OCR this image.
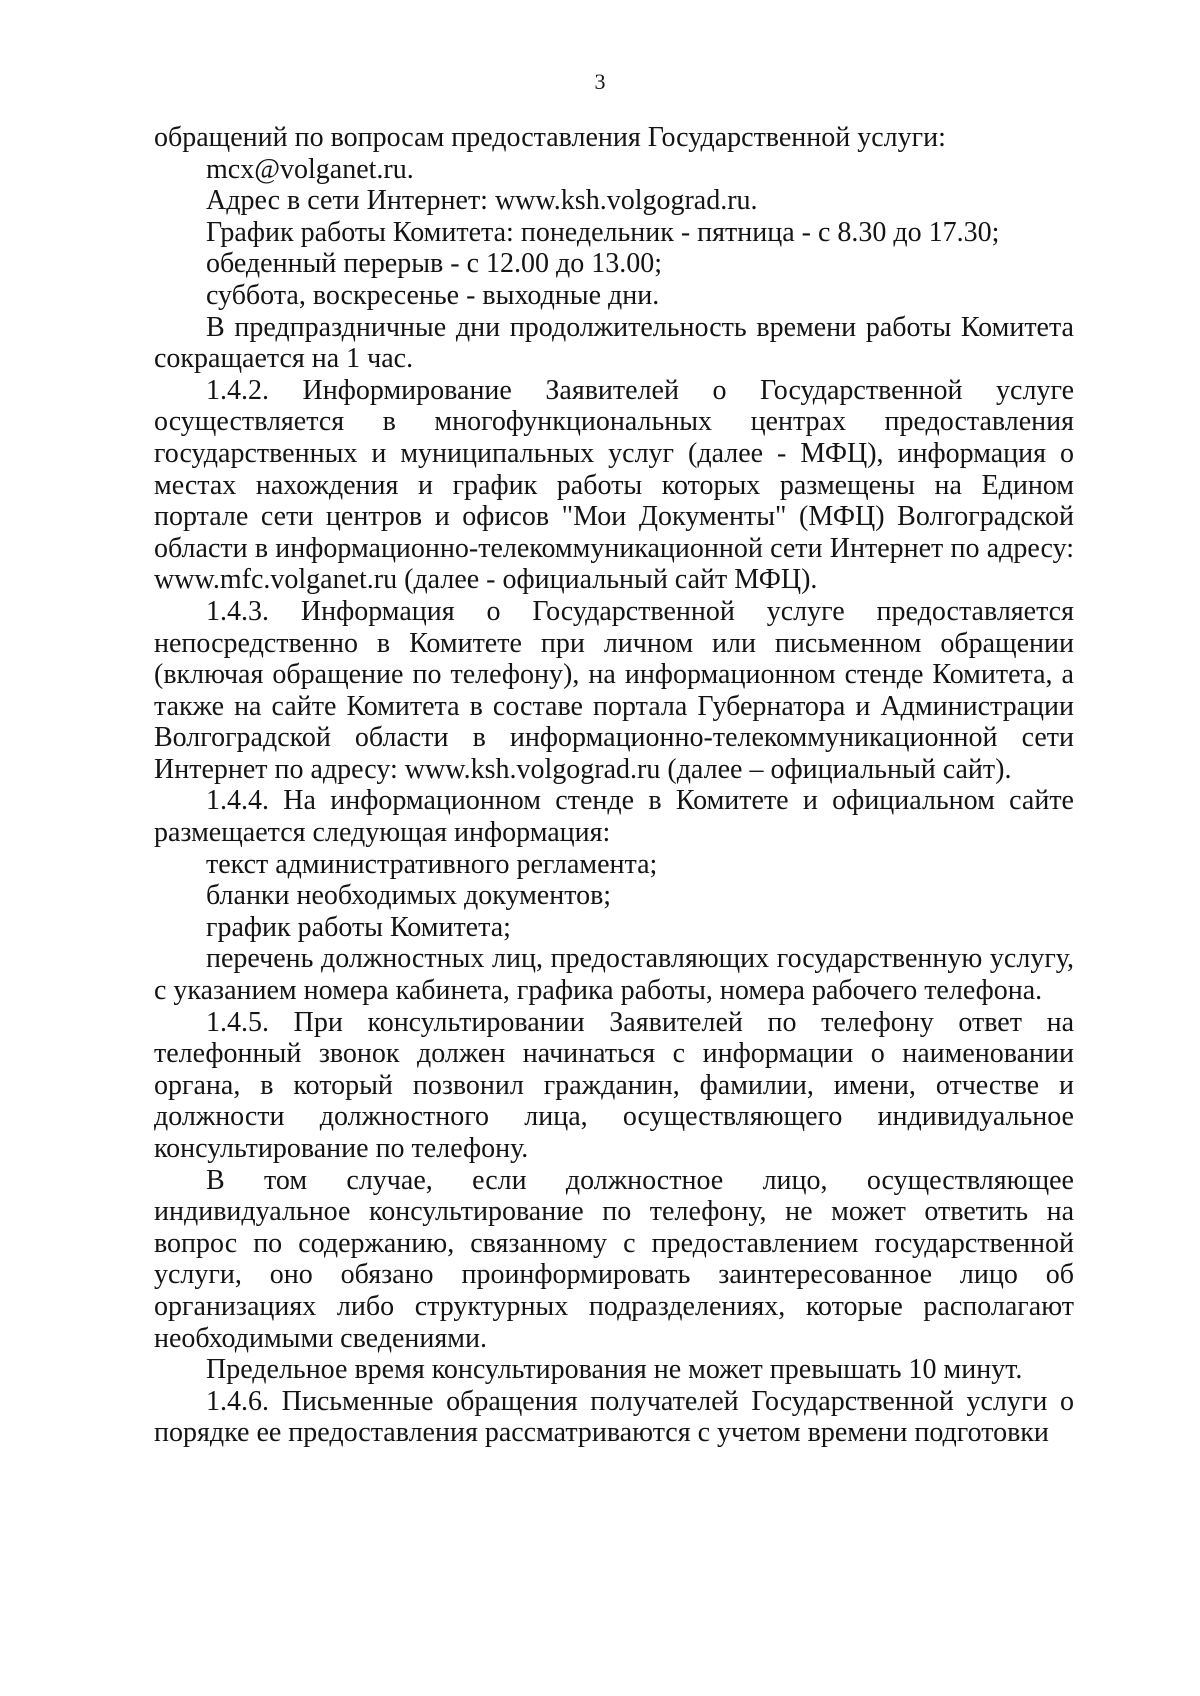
3

обращений по вопросам предоставления Государственной услуги:

mcx@volganet.ru.

Адрес в сети Интернет: www.ksh.volgograd.ru.

График работы Комитета: понедельник - пятница - с 8.30 до 17.30;

обеденный перерыв - с 12.00 до 13.00;

суббота, воскресенье - выходные дни.

В предпраздничные дни продолжительность времени работы Комитета сокращается на 1 час.

1.4.2. Информирование Заявителей о Государственной услуге осуществляется в многофункциональных центрах предоставления государственных и муниципальных услуг (далее - МФЦ), информация о местах нахождения и график работы которых размещены на Едином портале сети центров и офисов "Мои Документы" (МФЦ) Волгоградской области в информационно-телекоммуникационной сети Интернет по адресу: www.mfc.volganet.ru (далее - официальный сайт МФЦ).

1.4.3. Информация о Государственной услуге предоставляется непосредственно в Комитете при личном или письменном обращении (включая обращение по телефону), на информационном стенде Комитета, а также на сайте Комитета в составе портала Губернатора и Администрации Волгоградской области в информационно-телекоммуникационной сети Интернет по адресу: www.ksh.volgograd.ru (далее – официальный сайт).

1.4.4. На информационном стенде в Комитете и официальном сайте размещается следующая информация:

текст административного регламента;

бланки необходимых документов;

график работы Комитета;

перечень должностных лиц, предоставляющих государственную услугу, с указанием номера кабинета, графика работы, номера рабочего телефона.

1.4.5. При консультировании Заявителей по телефону ответ на телефонный звонок должен начинаться с информации о наименовании органа, в который позвонил гражданин, фамилии, имени, отчестве и должности должностного лица, осуществляющего индивидуальное консультирование по телефону.

В том случае, если должностное лицо, осуществляющее индивидуальное консультирование по телефону, не может ответить на вопрос по содержанию, связанному с предоставлением государственной услуги, оно обязано проинформировать заинтересованное лицо об организациях либо структурных подразделениях, которые располагают необходимыми сведениями.

Предельное время консультирования не может превышать 10 минут.

1.4.6. Письменные обращения получателей Государственной услуги о порядке ее предоставления рассматриваются с учетом времени подготовки
